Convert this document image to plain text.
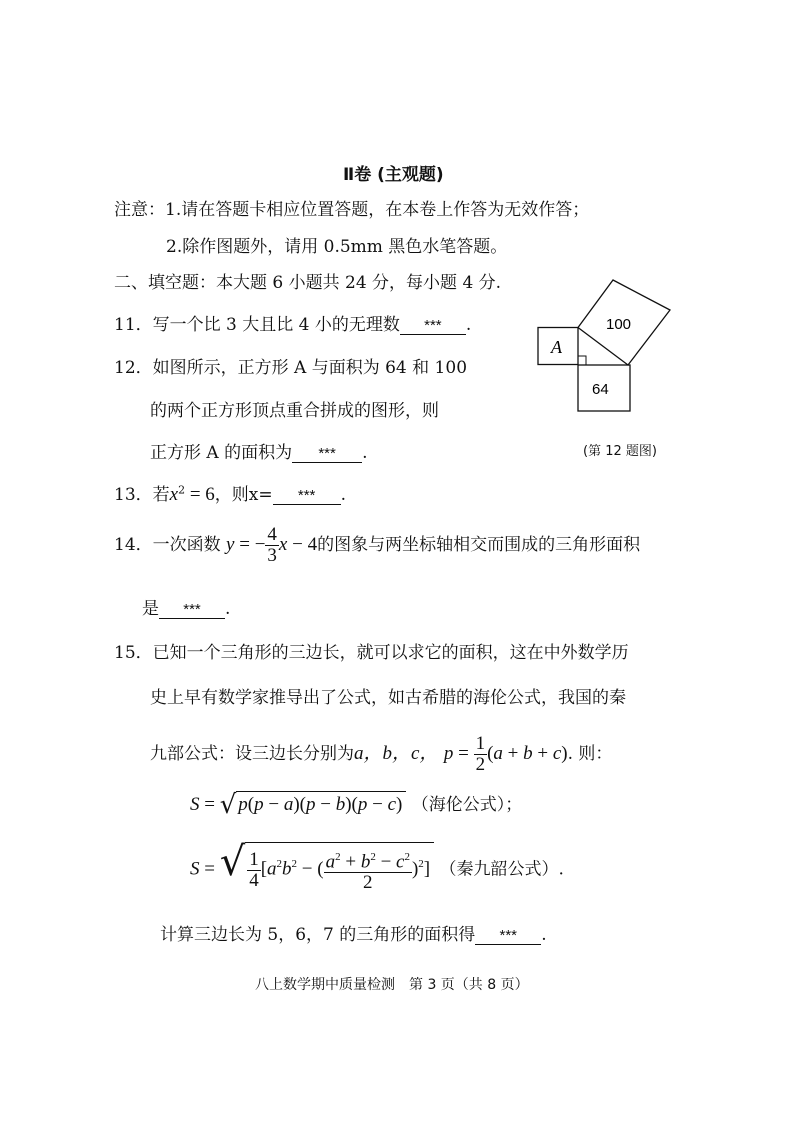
Ⅱ卷 (主观题)
注意：1.请在答题卡相应位置答题，在本卷上作答为无效作答；
2.除作图题外，请用 0.5mm 黑色水笔答题。
二、填空题：本大题 6 小题共 24 分，每小题 4 分.
11．写一个比 3 大且比 4 小的无理数 *** .
12．如图所示，正方形 A 与面积为 64 和 100
的两个正方形顶点重合拼成的图形，则
正方形 A 的面积为 *** .
A
100
64
(第 12 题图)
13．若$x^2 = 6$，则x= *** .
14．一次函数 y = − $\frac{4}{3}$ x − 4的图象与两坐标轴相交而围成的三角形面积
是 *** .
15．已知一个三角形的三边长，就可以求它的面积，这在中外数学历
史上早有数学家推导出了公式，如古希腊的海伦公式，我国的秦
九部公式：设三边长分别为a，b，c， $p = \frac{1}{2} (a + b + c)$. 则：
S = √ p(p − a)(p − b)(p − c) （海伦公式）；
S = √ $\frac{1}{4} [a^2b^2$ − ( $\frac{a^2 + b^2 - c^2}{2} )^2$] （秦九韶公式）.
计算三边长为 5，6，7 的三角形的面积得 *** .
八上数学期中质量检测　第 3 页（共 8 页）
